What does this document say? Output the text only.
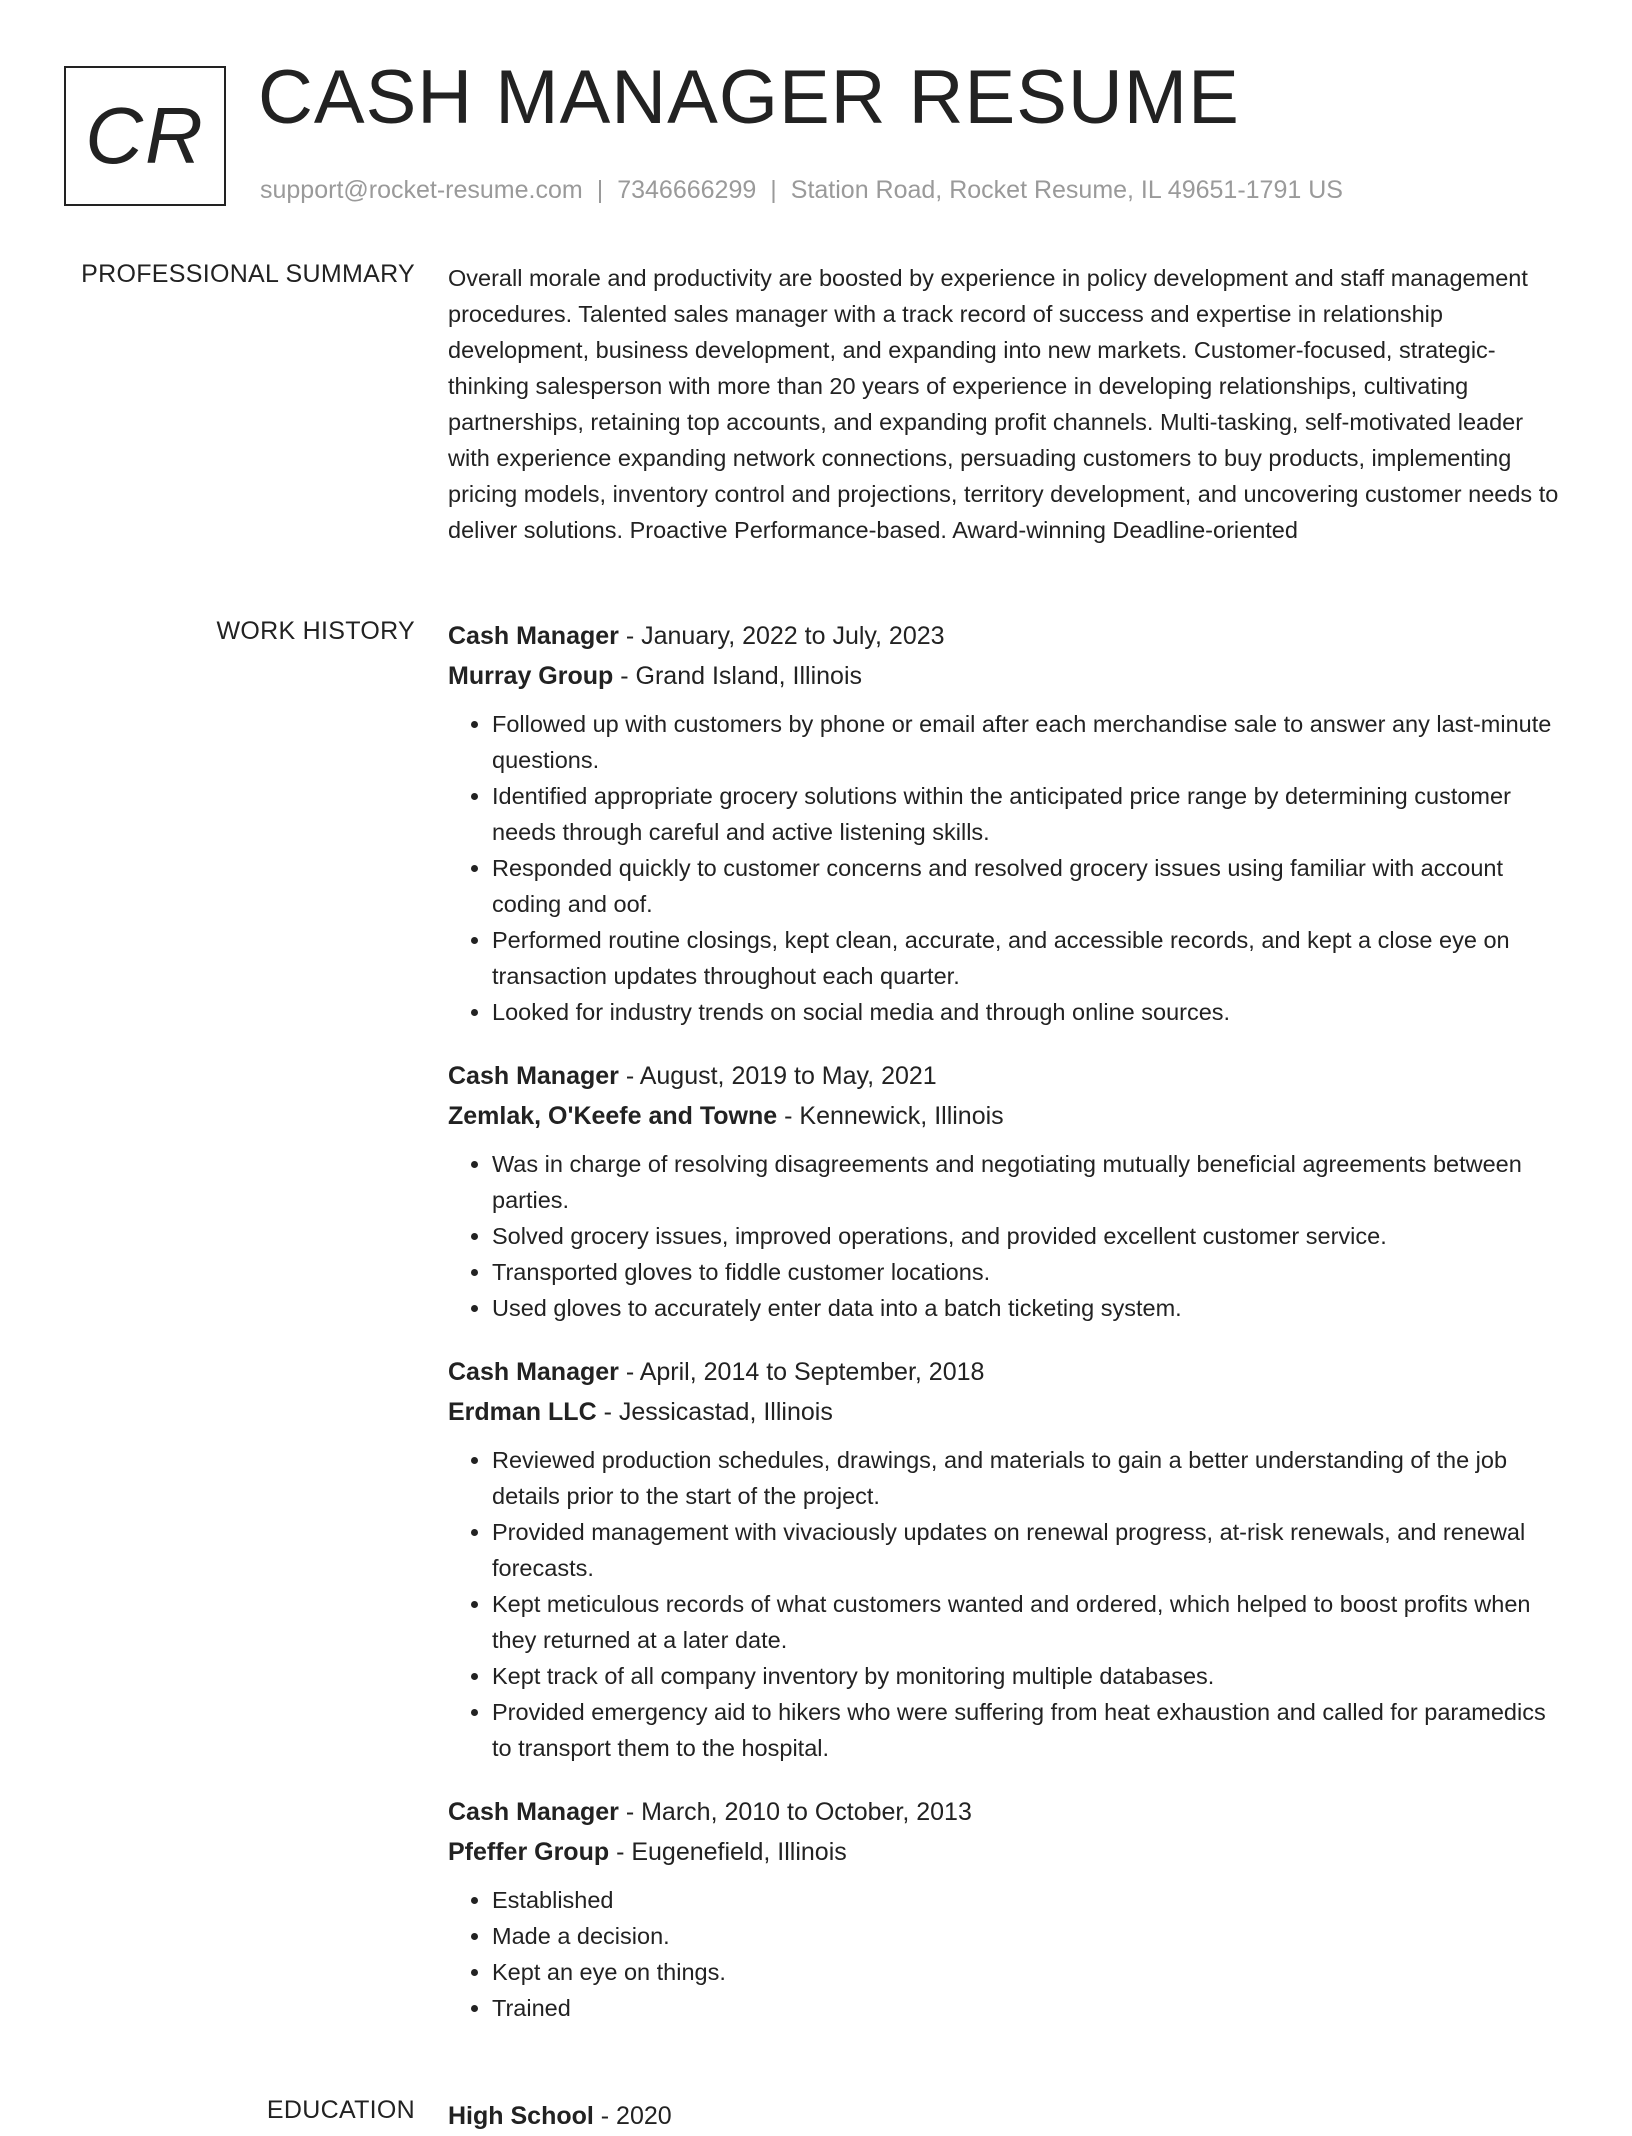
CR CASH MANAGER RESUME
support@rocket-resume.com | 7346666299 | Station Road, Rocket Resume, IL 49651-1791 US
PROFESSIONAL SUMMARY Overall morale and productivity are boosted by experience in policy development and staff management procedures. Talented sales manager with a track record of success and expertise in relationship development, business development, and expanding into new markets. Customer-focused, strategic-thinking salesperson with more than 20 years of experience in developing relationships, cultivating partnerships, retaining top accounts, and expanding profit channels. Multi-tasking, self-motivated leader with experience expanding network connections, persuading customers to buy products, implementing pricing models, inventory control and projections, territory development, and uncovering customer needs to deliver solutions. Proactive Performance-based. Award-winning Deadline-oriented

WORK HISTORY Cash Manager - January, 2022 to July, 2023
Murray Group - Grand Island, Illinois
• Followed up with customers by phone or email after each merchandise sale to answer any last-minute questions.
• Identified appropriate grocery solutions within the anticipated price range by determining customer needs through careful and active listening skills.
• Responded quickly to customer concerns and resolved grocery issues using familiar with account coding and oof.
• Performed routine closings, kept clean, accurate, and accessible records, and kept a close eye on transaction updates throughout each quarter.
• Looked for industry trends on social media and through online sources.
Cash Manager - August, 2019 to May, 2021
Zemlak, O'Keefe and Towne - Kennewick, Illinois
• Was in charge of resolving disagreements and negotiating mutually beneficial agreements between parties.
• Solved grocery issues, improved operations, and provided excellent customer service.
• Transported gloves to fiddle customer locations.
• Used gloves to accurately enter data into a batch ticketing system.
Cash Manager - April, 2014 to September, 2018
Erdman LLC - Jessicastad, Illinois
• Reviewed production schedules, drawings, and materials to gain a better understanding of the job details prior to the start of the project.
• Provided management with vivaciously updates on renewal progress, at-risk renewals, and renewal forecasts.
• Kept meticulous records of what customers wanted and ordered, which helped to boost profits when they returned at a later date.
• Kept track of all company inventory by monitoring multiple databases.
• Provided emergency aid to hikers who were suffering from heat exhaustion and called for paramedics to transport them to the hospital.
Cash Manager - March, 2010 to October, 2013
Pfeffer Group - Eugenefield, Illinois
• Established
• Made a decision.
• Kept an eye on things.
• Trained
EDUCATION High School - 2020
